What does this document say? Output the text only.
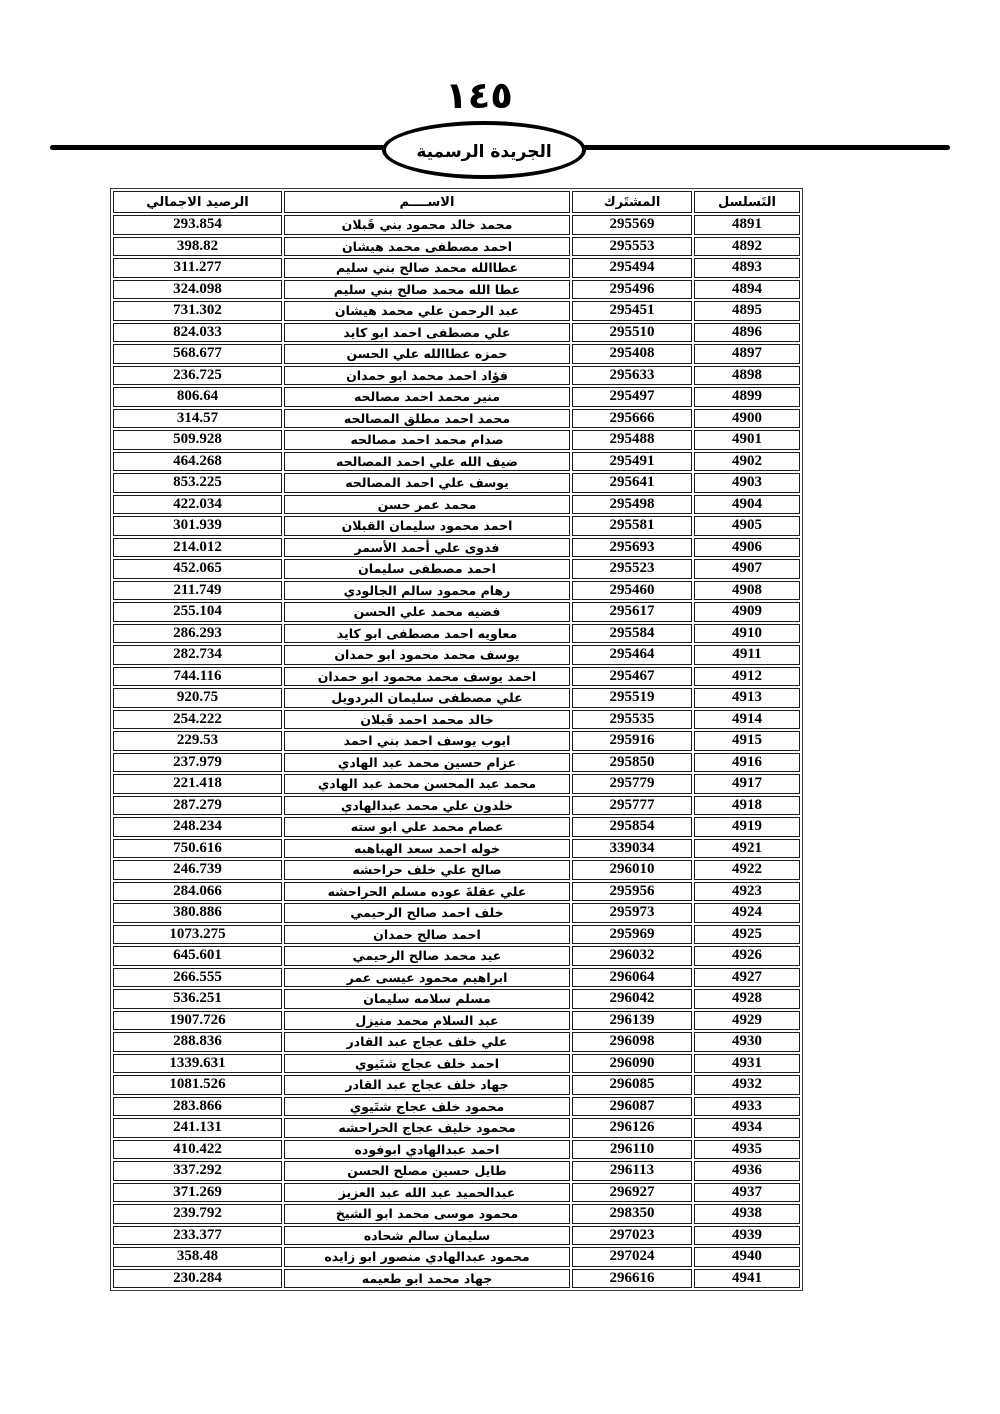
١٤٥
الجريدة الرسمية
التَسلسل	المشتَرك	الاســــم	الرصيد الاجمالي
4891	295569	محمد خالد محمود بني قَبلان	293.854
4892	295553	احمد مصطفى محمد هيشان	398.82
4893	295494	عطاالله محمد صالح بني سليم	311.277
4894	295496	عطا الله محمد صالح بني سليم	324.098
4895	295451	عبد الرحمن علي محمد هيشان	731.302
4896	295510	علي مصطفى احمد ابو كايد	824.033
4897	295408	حمزه عطاالله علي الحسن	568.677
4898	295633	فؤاد احمد محمد ابو حمدان	236.725
4899	295497	منير محمد احمد مصالحه	806.64
4900	295666	محمد احمد مطلق المصالحه	314.57
4901	295488	صدام محمد احمد مصالحه	509.928
4902	295491	ضيف الله علي احمد المصالحه	464.268
4903	295641	يوسف علي احمد المصالحه	853.225
4904	295498	محمد عمر حسن	422.034
4905	295581	احمد محمود سليمان القبلان	301.939
4906	295693	فدوى علي أحمد الأسمر	214.012
4907	295523	احمد مصطفى سليمان	452.065
4908	295460	رهام محمود سالم الجالودي	211.749
4909	295617	فضيه محمد علي الحسن	255.104
4910	295584	معاويه احمد مصطفى ابو كايد	286.293
4911	295464	يوسف محمد محمود ابو حمدان	282.734
4912	295467	احمد يوسف محمد محمود ابو حمدان	744.116
4913	295519	علي مصطفى سليمان البردويل	920.75
4914	295535	خالد محمد احمد قَبلان	254.222
4915	295916	ايوب يوسف احمد بني احمد	229.53
4916	295850	عزام حسين محمد عبد الهادي	237.979
4917	295779	محمد عبد المحسن محمد عبد الهادي	221.418
4918	295777	خلدون علي محمد عبدالهادي	287.279
4919	295854	عصام محمد علي ابو سته	248.234
4921	339034	خوله احمد سعد الهباهبه	750.616
4922	296010	صالح علي خلف حراحشه	246.739
4923	295956	علي عقلةَ عوده مسلم الحراحشه	284.066
4924	295973	خلف احمد صالح الرحيمي	380.886
4925	295969	احمد صالح حمدان	1073.275
4926	296032	عيد محمد صالح الرحيمي	645.601
4927	296064	ابراهيم محمود عيسى عمر	266.555
4928	296042	مسلم سلامه سليمان	536.251
4929	296139	عبد السلام محمد منيزل	1907.726
4930	296098	علي خلف عجاج عبد القادر	288.836
4931	296090	احمد خلف عجاج شتَيوي	1339.631
4932	296085	جهاد خلف عجاج عبد القادر	1081.526
4933	296087	محمود خلف عجاج شتَيوي	283.866
4934	296126	محمود خليف عجاج الحراحشه	241.131
4935	296110	احمد عبدالهادي ابوفوده	410.422
4936	296113	طايل حسين مصلح الحسن	337.292
4937	296927	عبدالحميد عبد الله عبد العزيز	371.269
4938	298350	محمود موسى محمد ابو الشيخ	239.792
4939	297023	سليمان سالم شحاده	233.377
4940	297024	محمود عبدالهادي منصور ابو زايده	358.48
4941	296616	جهاد محمد ابو طعيمه	230.284
